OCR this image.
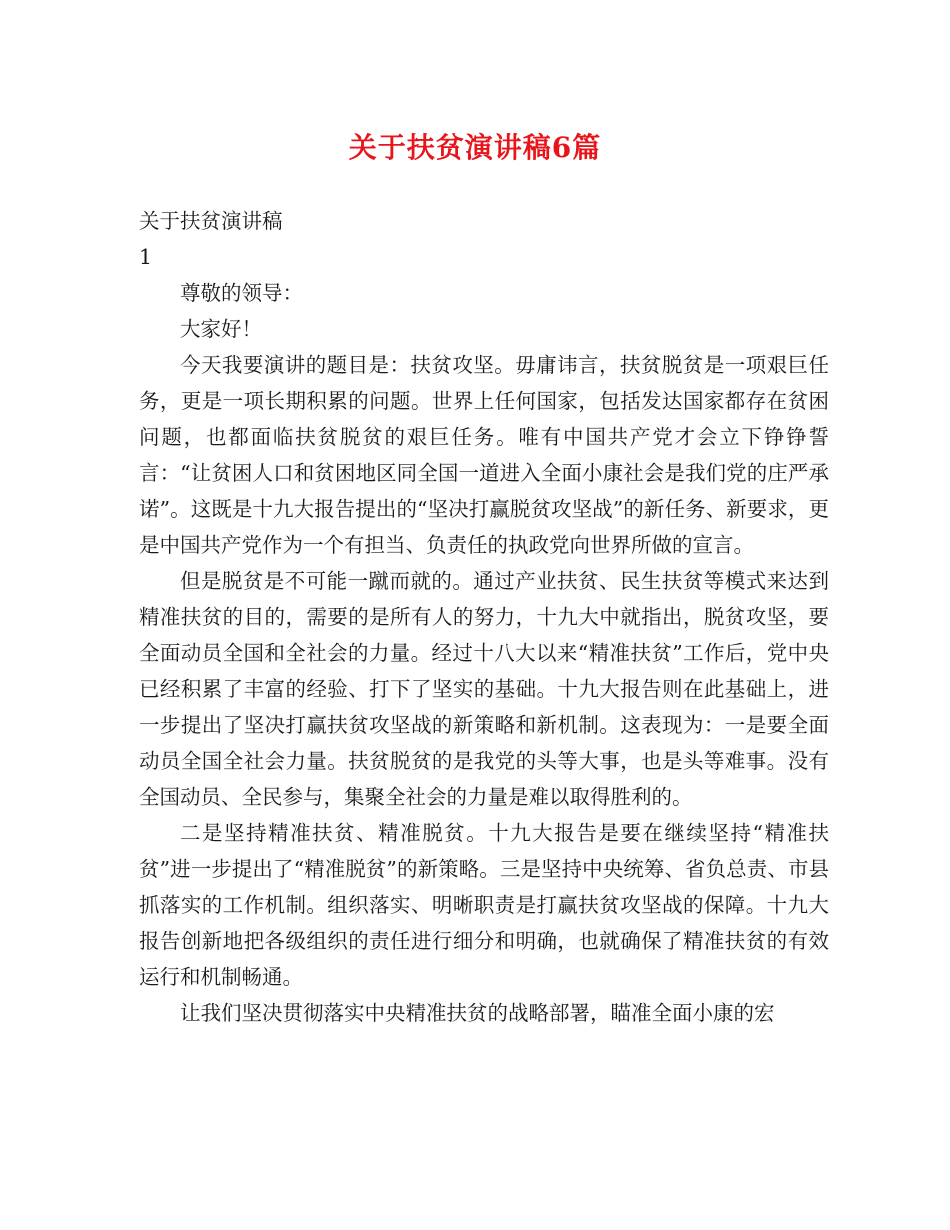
关于扶贫演讲稿6篇
关于扶贫演讲稿
1
尊敬的领导：
大家好！
今天我要演讲的题目是：扶贫攻坚。毋庸讳言，扶贫脱贫是一项艰巨任务，更是一项长期积累的问题。世界上任何国家，包括发达国家都存在贫困问题，也都面临扶贫脱贫的艰巨任务。唯有中国共产党才会立下铮铮誓言：“让贫困人口和贫困地区同全国一道进入全面小康社会是我们党的庄严承诺”。这既是十九大报告提出的“坚决打赢脱贫攻坚战”的新任务、新要求，更是中国共产党作为一个有担当、负责任的执政党向世界所做的宣言。
但是脱贫是不可能一蹴而就的。通过产业扶贫、民生扶贫等模式来达到精准扶贫的目的，需要的是所有人的努力，十九大中就指出，脱贫攻坚，要全面动员全国和全社会的力量。经过十八大以来“精准扶贫”工作后，党中央已经积累了丰富的经验、打下了坚实的基础。十九大报告则在此基础上，进一步提出了坚决打赢扶贫攻坚战的新策略和新机制。这表现为：一是要全面动员全国全社会力量。扶贫脱贫的是我党的头等大事，也是头等难事。没有全国动员、全民参与，集聚全社会的力量是难以取得胜利的。
二是坚持精准扶贫、精准脱贫。十九大报告是要在继续坚持“精准扶贫”进一步提出了“精准脱贫”的新策略。三是坚持中央统筹、省负总责、市县抓落实的工作机制。组织落实、明晰职责是打赢扶贫攻坚战的保障。十九大报告创新地把各级组织的责任进行细分和明确，也就确保了精准扶贫的有效运行和机制畅通。
让我们坚决贯彻落实中央精准扶贫的战略部署，瞄准全面小康的宏
